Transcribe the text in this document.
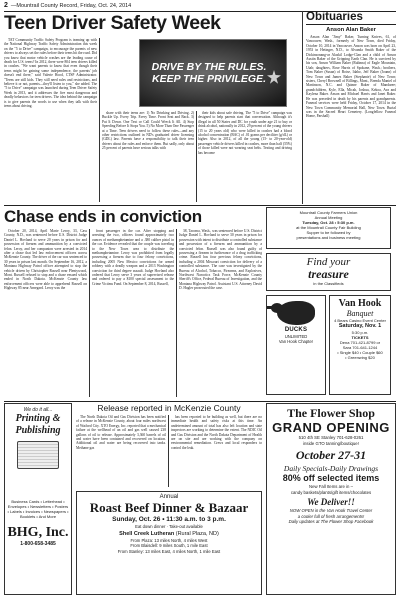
2 —Mountrail County Record, Friday, Oct. 24, 2014
Teen Driver Safety Week

TAT Community Traffic Safety Program is teaming up with the National Highway Traffic Safety Administration this week on the "5 to Drive" campaign, to encourage the parents of new drivers to always set the rules before their teens hit the road. Did you know that motor vehicle crashes are the leading cause of death for U.S. teens? In 2012, there were 804 teen drivers killed in crashes. "We want parents to know that even though their teens might be gaining some independence, the parents' job doesn't end there," said Valerie Hood, CTSP Administrator. "Teens are still kids. They still need rules and restrictions, and believe it or not, parents—they'll listen to you," she added. The "5 to Drive" campaign was launched during Teen Driver Safety Week in 2013, and it addresses the five most dangerous and deadly behaviors for teen drivers. The idea behind the campaign is to give parents the words to use when they talk with their teens about driving.

DRIVE BY THE RULES. KEEP THE PRIVILEGE.

share with their teens are: 1) No Drinking and Driving. 2) Buckle Up. Every Trip. Every Time. Front Seat and Back. 3) Put It Down. One Text or Call Could Wreck It All. 4) Stop Speeding Before It Stops You. 5) No More Than One Passenger at a Time. Teen drivers need to follow these rules—and any other restrictions outlined in ND's graduated driver licensing (GDL) law. Parents have a responsibility to talk their teen drivers about the rules and enforce them. But sadly, only about 25 percent of parents have serious talks with

their kids about safe driving. The "5 to Drive" campaign was designed to help parents start that conversation. Although it's illegal in all 50 States and DC for youth under age 21 to buy or drink alcohol, nationally in 2012, 29 percent of the young drivers (15 to 20 years old) who were killed in crashes had a blood alcohol concentration (BAC) of .01 grams per deciliter (g/dL) or higher. Also in 2012, of all the young (15- to 20-year-old) passenger vehicle drivers killed in crashes, more than half (55%) of those killed were not wearing seat belts. Texting and driving has become

Obituaries
Anson Alan Baker

Anson Alan "Jimy" Baker, Turning Knives, 61, of Vancouver, Wash., formerly of New Town, died Friday, October 10, 2014 in Vancouver. Anson was born on April 23, 1953 in Hetinger, N.D., to Alvanda Smith Baker of the Dickinsonang-ar Alaskil Lodge-Clan and a child of Anson Austin Baker of the Gripping Earth Clan. He is survived by his son, Anson William Baker (Rulinna) of Eagle Mountain, Utah; daughters, Rose Harris of Spokane, Wash.; brothers, Tom Baker (Susan) of Boise, Idaho, Jeff Baker (Joann) of New Town and James Baker (Stephanie) of New Town; sisters, Cheryl Brownell of Billings, Mont., Brenda Mantel of Martinson, N.C. and Quinne Baker of Mandaree; grandchildren, Kyle, Ella, Micah, Joshua, Kekoa, Ava and Kaylena Baker. Anson and Michael Harris and Janet Baker. He was preceded in death by his parents and grandparents. Funeral services were held Friday, October 17, 2014 in the New Town Community Memorial Hall, New Town. Burial was in the Sacred Heart Cemetery. (Longfellow Funeral Home, Parshall)

Chase ends in conviction

October 20, 2014, April Marie Leroy, 33, Cass County, N.D., was sentenced before U.S. District Judge Daniel L. Hovland to serve 20 years in prison for and possession of firearm and ammunition by a convicted felon. Leroy, and her companion were arrested in 2014 after a chase that led law enforcement officers across McKenzie County. The driver of the car was sentenced to 30 years in prison last month. On September 16, 2012, a Montana Highway Patrol officer attempted to stop the vehicle driven by Christopher Russell near Plentywood, Mont. Russell refused to stop and a chase ensued which ended in North Dakota. McKenzie County law enforcement officers were able to apprehend Russell on Highway 85 near Arnegard. Leroy was the

front passenger in the car. After stopping and arresting the two, officers found approximately two ounces of methamphetamine and a .380 caliber pistol in the car. Evidence revealed that the couple was traveling to the New Town area to distribute the methamphetamine. Leroy was prohibited from legally possessing a firearm due to four felony convictions, including 2005 New Mexico convictions for armed robbery with a deadly weapon and a 2013 Washington conviction for third degree assault. Judge Hovland also ordered that Leroy serve 3 years of supervised release and ordered to pay a $100 special assessment to the Crime Victims Fund. On September 8, 2014, Russell,

38, Tacoma, Wash., was sentenced before U.S. District Judge Daniel L. Hovland to serve 30 years in prison for possession with intent to distribute a controlled substance and possession of a firearm and ammunition by a convicted felon. Russell was also found guilty of possessing a firearm in furtherance of a drug trafficking crime. Russell has four previous felony convictions, including a 2004 Missouri conviction for delivery of a controlled substance. The case was investigated by the Bureau of Alcohol, Tobacco, Firearms, and Explosives, Northwest Narcotics Task Force, McKenzie County Sheriff's Office, Federal Bureau of Investigation, and the Montana Highway Patrol. Assistant U.S. Attorney David D. Hagler prosecuted the case.

Mountrail County Farmers Union
Annual Meeting
Tuesday, Oct. 28 • 5:30 p.m.
at the Mountrail County Fair Building
Supper to be followed by
presentations and business meeting
Find your
treasure
in the Classifieds
DUCKS
UNLIMITED
Van Hook Chapter
Van Hook
Banquet
4 Bears Casino Event Center
Saturday, Nov. 1
5:30 p.m.
TICKETS
Dena 701-421-8799 or
Sara 701-641-1244
• Single $40 • Couple $60
• Greenwing $20
We do it all...
Printing & Publishing
Business Cards • Letterhead • Envelopes • Newsletters • Posters • Labels • Invoices • Newspapers • Booklets • And More
BHG, Inc.
1-800-658-3485
Release reported in McKenzie County

The North Dakota Oil and Gas Division has been notified of a release in McKenzie County, about four miles northwest of Watford City. XTO Energy, Inc. reported that a mechanical failure at the wellhead of an oil and gas well caused 238 gallons of oil to release. Approximately 3,360 barrels of oil and water have been contained and recovered on location. Additional oil and water are being recovered into tanks. Methane gas

has been reported to be building as well, but there are no immediate health and safety risks at this time. An undetermined amount of total has also left location and state inspectors are working to determine the extent. The NDIC Oil and Gas Division and the North Dakota Department of Health are on site and are working with the company on environmental remediation. Crews and local responders to control the leak.

Annual
Roast Beef Dinner & Bazaar
Sunday, Oct. 26 • 11:30 a.m. to 3 p.m.
Eat down dinner · Take-out available
Shell Creek Lutheran (Rural Plaza, ND)
From Plaza: 13 miles North, 4 miles West
From Blaisdell: 9 miles South, 1 mile East
From Stanley: 13 miles East, 4 miles North, 1 mile East
The Flower Shop
GRAND OPENING
510 4th SE Stanley 701-628-0261
inside GTO tanning/boutique!
October 27-31
Daily Specials-Daily Drawings
80% off selected items
New Fall Items are in –
candy baskets/plants/gift items/chocolates
We Deliver!!
NOW OPEN in the Van Hook Travel Center
a cooler full of fresh arrangements!
Daily updates at The Flower Shop Facebook
